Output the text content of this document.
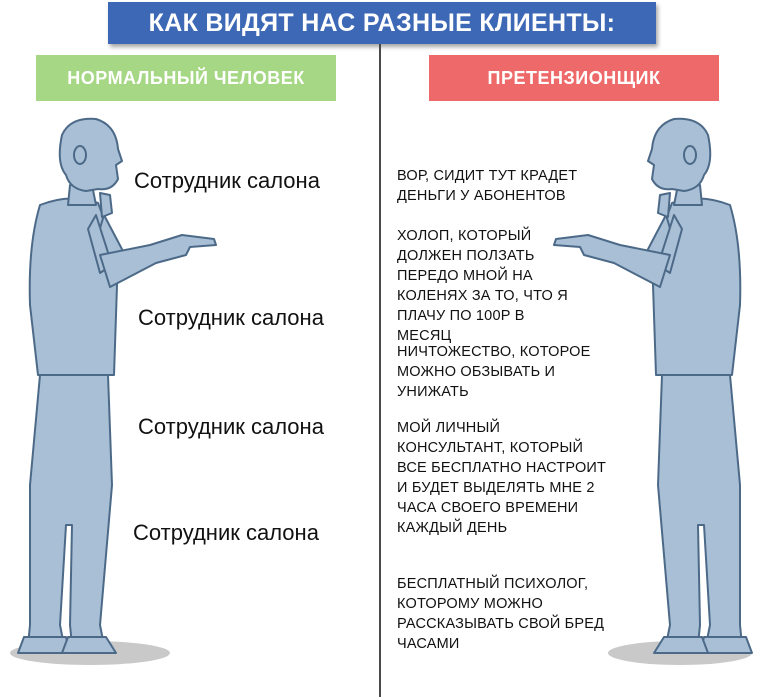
КАК ВИДЯТ НАС РАЗНЫЕ КЛИЕНТЫ:
НОРМАЛЬНЫЙ ЧЕЛОВЕК	ПРЕТЕНЗИОНЩИК
Сотрудник салона
Сотрудник салона
Сотрудник салона
Сотрудник салона
ВОР, СИДИТ ТУТ КРАДЕТ ДЕНЬГИ У АБОНЕНТОВ
ХОЛОП, КОТОРЫЙ ДОЛЖЕН ПОЛЗАТЬ ПЕРЕДО МНОЙ НА КОЛЕНЯХ ЗА ТО, ЧТО Я ПЛАЧУ ПО 100Р В МЕСЯЦ
НИЧТОЖЕСТВО, КОТОРОЕ МОЖНО ОБЗЫВАТЬ И УНИЖАТЬ
МОЙ ЛИЧНЫЙ КОНСУЛЬТАНТ, КОТОРЫЙ ВСЕ БЕСПЛАТНО НАСТРОИТ И БУДЕТ ВЫДЕЛЯТЬ МНЕ 2 ЧАСА СВОЕГО ВРЕМЕНИ КАЖДЫЙ ДЕНЬ
БЕСПЛАТНЫЙ ПСИХОЛОГ, КОТОРОМУ МОЖНО РАССКАЗЫВАТЬ СВОЙ БРЕД ЧАСАМИ
